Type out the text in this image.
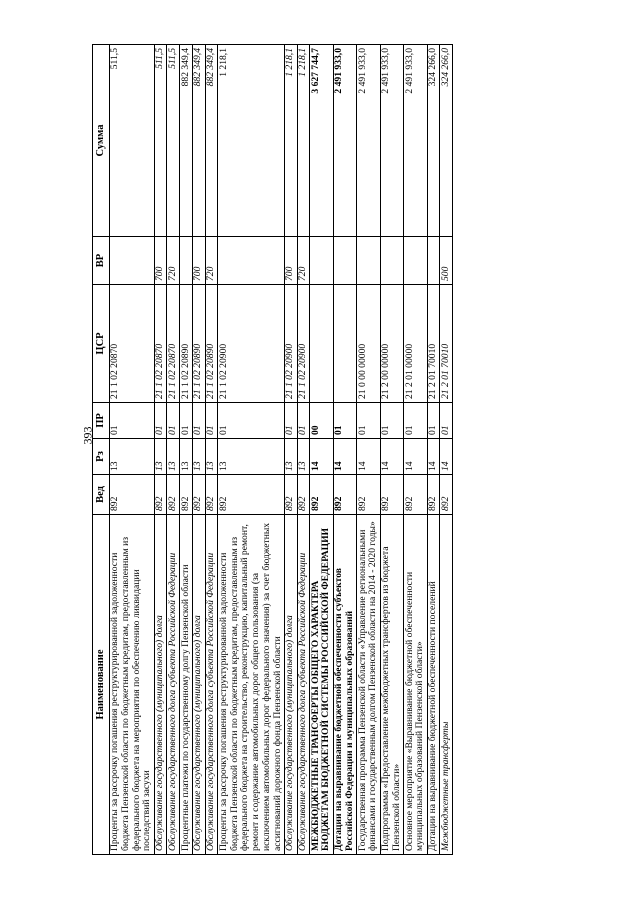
393
Наименование	Вед	Рз	ПР	ЦСР	ВР	Сумма
Проценты за рассрочку погашения реструктурированной задолженности бюджета Пензенской области по бюджетным кредитам, предоставленным из федерального бюджета на мероприятия по обеспечению ликвидации последствий засухи	892	13	01	21 1 02 20870		511,5
Обслуживание государственного (муниципального) долга	892	13	01	21 1 02 20870	700	511,5
Обслуживание государственного долга субъекта Российской Федерации	892	13	01	21 1 02 20870	720	511,5
Процентные платежи по государственному долгу Пензенской области	892	13	01	21 1 02 20890		882 349,4
Обслуживание государственного (муниципального) долга	892	13	01	21 1 02 20890	700	882 349,4
Обслуживание государственного долга субъекта Российской Федерации	892	13	01	21 1 02 20890	720	882 349,4
Проценты за рассрочку погашения реструктурированной задолженности бюджета Пензенской области по бюджетным кредитам, предоставленным из федерального бюджета на строительство, реконструкцию, капитальный ремонт, ремонт и содержание автомобильных дорог общего пользования (за исключением автомобильных дорог федерального значения) за счет бюджетных ассигнований дорожного фонда Пензенской области	892	13	01	21 1 02 20900		1 218,1
Обслуживание государственного (муниципального) долга	892	13	01	21 1 02 20900	700	1 218,1
Обслуживание государственного долга субъекта Российской Федерации	892	13	01	21 1 02 20900	720	1 218,1
МЕЖБЮДЖЕТНЫЕ ТРАНСФЕРТЫ ОБЩЕГО ХАРАКТЕРА БЮДЖЕТАМ БЮДЖЕТНОЙ СИСТЕМЫ РОССИЙСКОЙ ФЕДЕРАЦИИ	892	14	00			3 627 744,7
Дотации на выравнивание бюджетной обеспеченности субъектов Российской Федерации и муниципальных образований	892	14	01			2 491 933,0
Государственная программа Пензенской области «Управление региональными финансами и государственным долгом Пензенской области на 2014 - 2020 годы»	892	14	01	21 0 00 00000		2 491 933,0
Подпрограмма «Предоставление межбюджетных трансфертов из бюджета Пензенской области»	892	14	01	21 2 00 00000		2 491 933,0
Основное мероприятие «Выравнивание бюджетной обеспеченности муниципальных образований Пензенской области»	892	14	01	21 2 01 00000		2 491 933,0
Дотации на выравнивание бюджетной обеспеченности поселений	892	14	01	21 2 01 70010		324 266,0
Межбюджетные трансферты	892	14	01	21 2 01 70010	500	324 266,0
